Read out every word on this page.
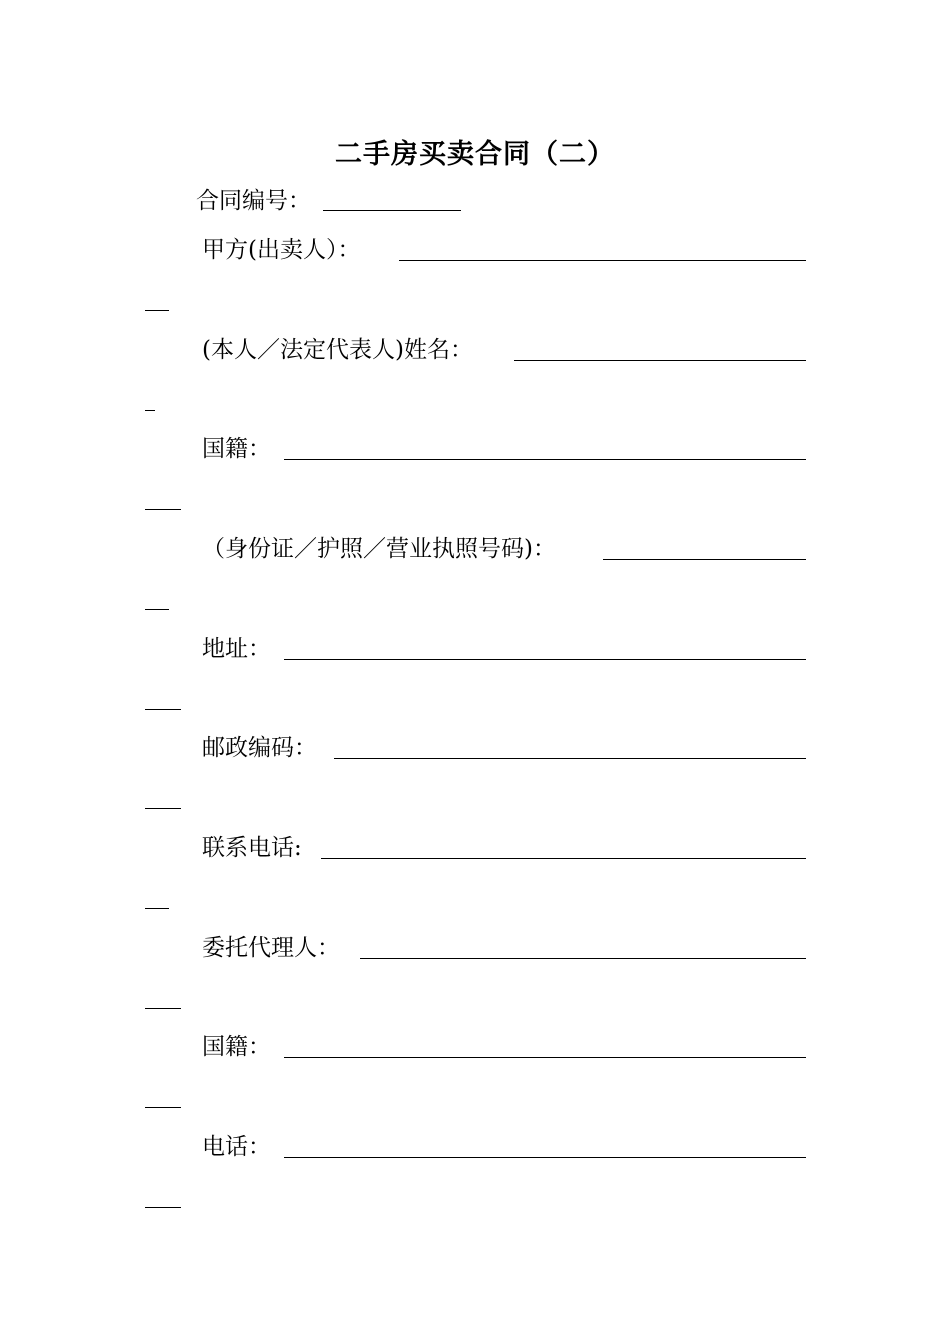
二手房买卖合同（二）
合同编号：
甲方(出卖人）：
(本人／法定代表人)姓名：
国籍：
（身份证／护照／营业执照号码)：
地址：
邮政编码：
联系电话:
委托代理人：
国籍：
电话：
